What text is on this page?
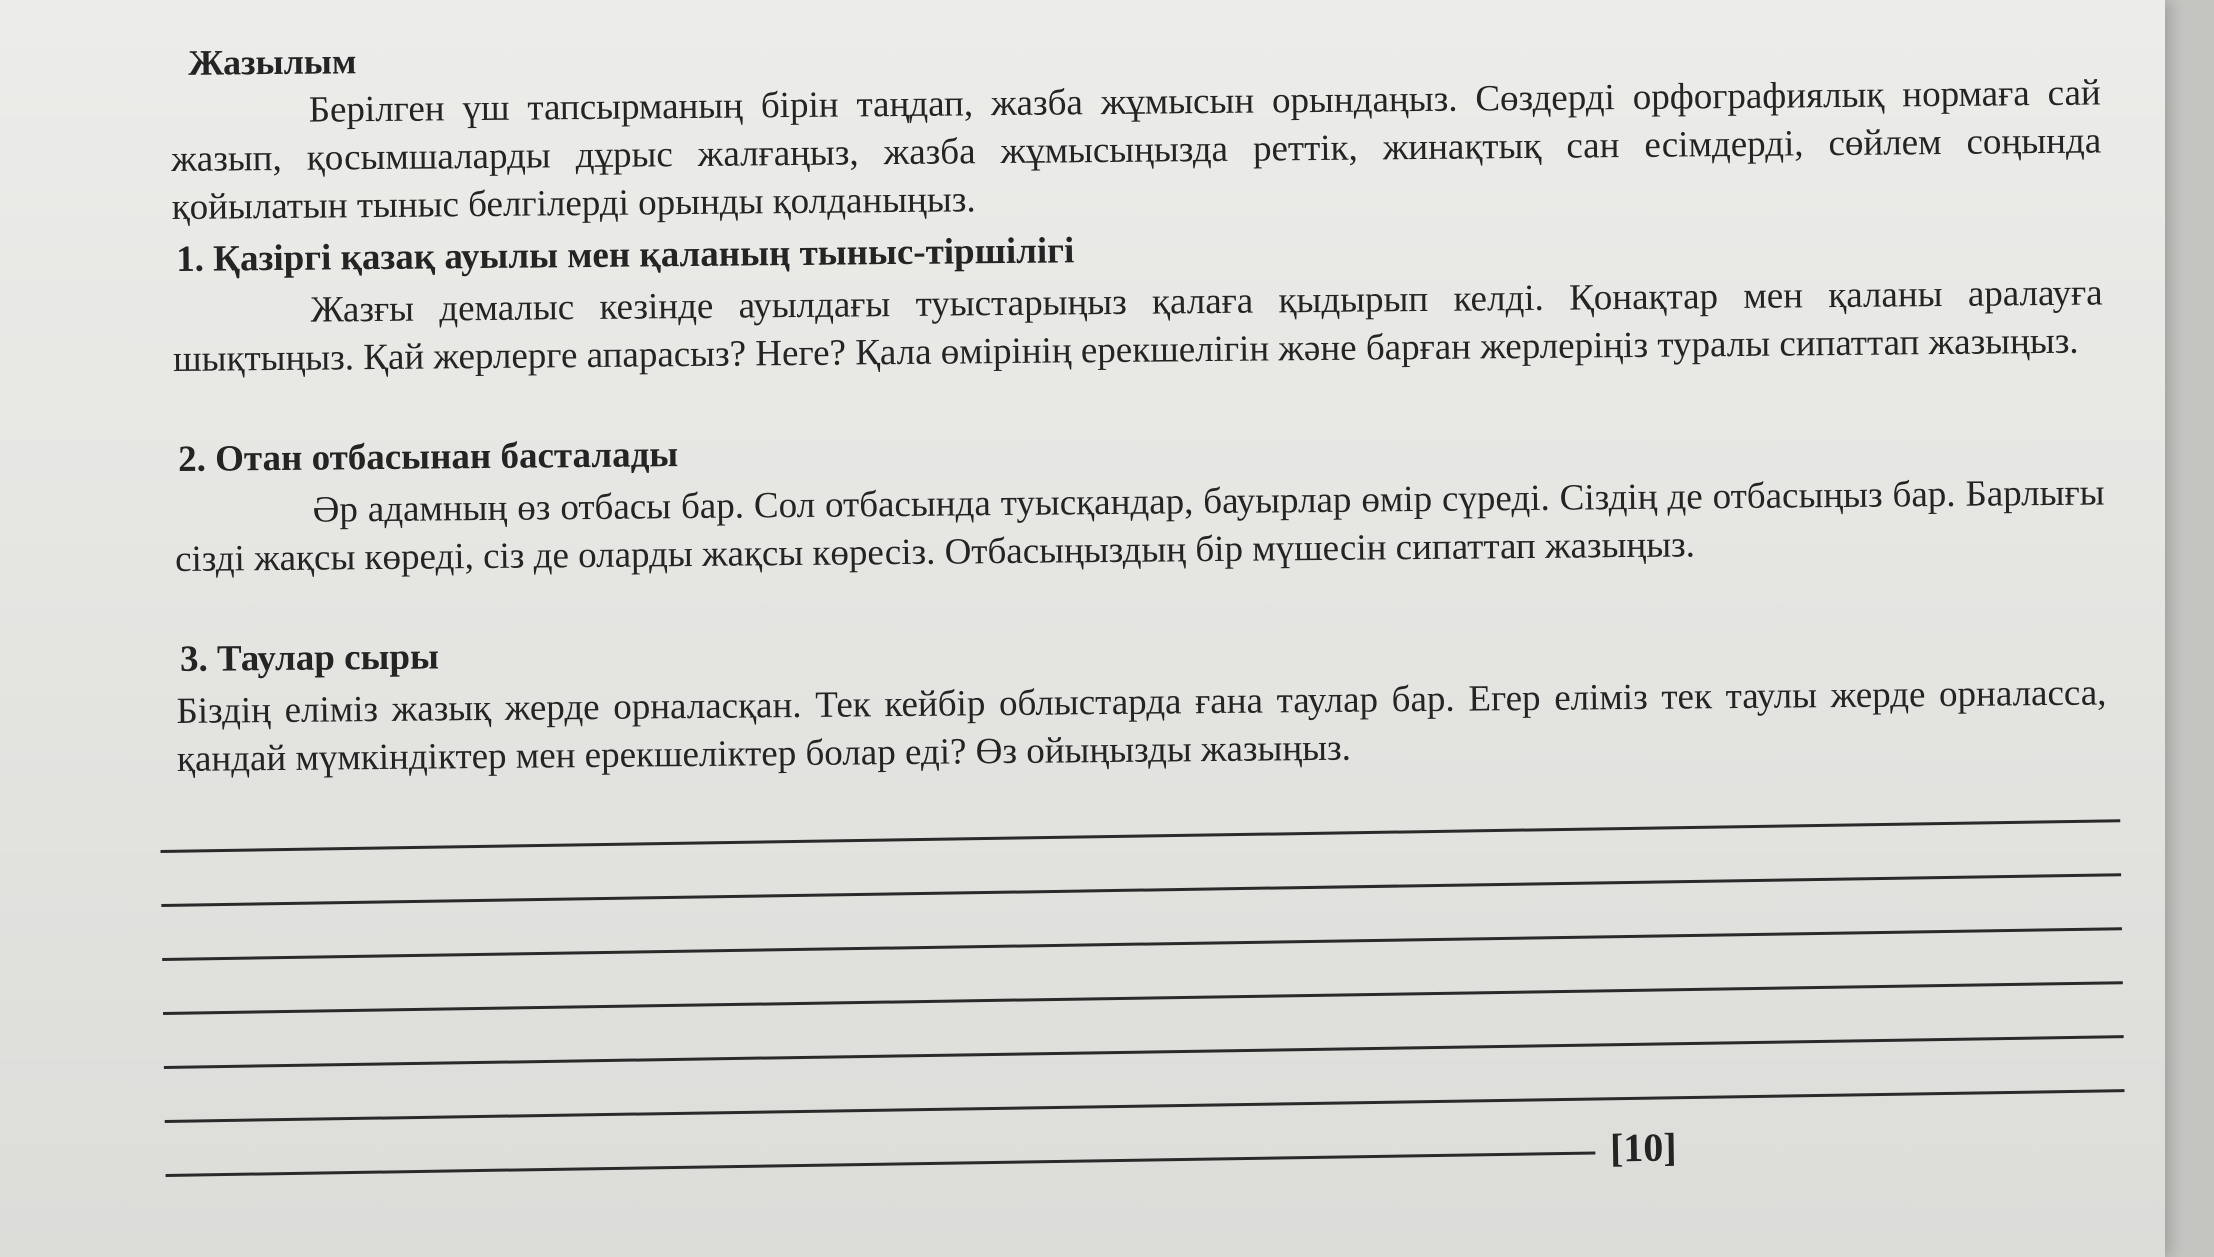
Жазылым

Берілген үш тапсырманың бірін таңдап, жазба жұмысын орындаңыз. Сөздерді орфографиялық нормаға сай жазып, қосымшаларды дұрыс жалғаңыз, жазба жұмысыңызда реттік, жинақтық сан есімдерді, сөйлем соңында қойылатын тыныс белгілерді орынды қолданыңыз.

1. Қазіргі қазақ ауылы мен қаланың тыныс-тіршілігі

Жазғы демалыс кезінде ауылдағы туыстарыңыз қалаға қыдырып келді. Қонақтар мен қаланы аралауға шықтыңыз. Қай жерлерге апарасыз? Неге? Қала өмірінің ерекшелігін және барған жерлеріңіз туралы сипаттап жазыңыз.

2. Отан отбасынан басталады

Әр адамның өз отбасы бар. Сол отбасында туысқандар, бауырлар өмір сүреді. Сіздің де отбасыңыз бар. Барлығы сізді жақсы көреді, сіз де оларды жақсы көресіз. Отбасыңыздың бір мүшесін сипаттап жазыңыз.

3. Таулар сыры

Біздің еліміз жазық жерде орналасқан. Тек кейбір облыстарда ғана таулар бар. Егер еліміз тек таулы жерде орналасса, қандай мүмкіндіктер мен ерекшеліктер болар еді? Өз ойыңызды жазыңыз.

[10]
